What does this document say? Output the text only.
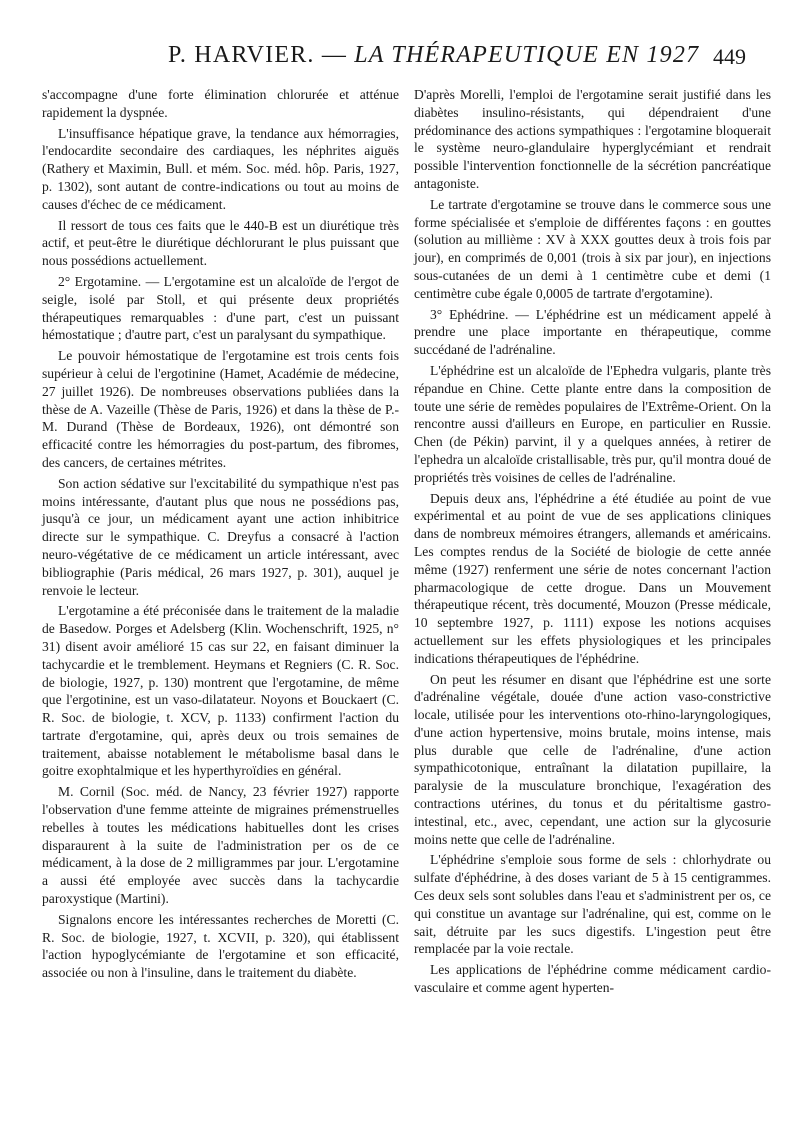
P. HARVIER. — LA THÉRAPEUTIQUE EN 1927 449

s'accompagne d'une forte élimination chlorurée et atténue rapidement la dyspnée.

L'insuffisance hépatique grave, la tendance aux hémorragies, l'endocardite secondaire des cardiaques, les néphrites aiguës (Rathery et Maximin, Bull. et mém. Soc. méd. hôp. Paris, 1927, p. 1302), sont autant de contre-indications ou tout au moins de causes d'échec de ce médicament.

Il ressort de tous ces faits que le 440-B est un diurétique très actif, et peut-être le diurétique déchlorurant le plus puissant que nous possédions actuellement.

2° Ergotamine. — L'ergotamine est un alcaloïde de l'ergot de seigle, isolé par Stoll, et qui présente deux propriétés thérapeutiques remarquables : d'une part, c'est un puissant hémostatique ; d'autre part, c'est un paralysant du sympathique.

Le pouvoir hémostatique de l'ergotamine est trois cents fois supérieur à celui de l'ergotinine (Hamet, Académie de médecine, 27 juillet 1926). De nombreuses observations publiées dans la thèse de A. Vazeille (Thèse de Paris, 1926) et dans la thèse de P.-M. Durand (Thèse de Bordeaux, 1926), ont démontré son efficacité contre les hémorragies du post-partum, des fibromes, des cancers, de certaines métrites.

Son action sédative sur l'excitabilité du sympathique n'est pas moins intéressante, d'autant plus que nous ne possédions pas, jusqu'à ce jour, un médicament ayant une action inhibitrice directe sur le sympathique. C. Dreyfus a consacré à l'action neuro-végétative de ce médicament un article intéressant, avec bibliographie (Paris médical, 26 mars 1927, p. 301), auquel je renvoie le lecteur.

L'ergotamine a été préconisée dans le traitement de la maladie de Basedow. Porges et Adelsberg (Klin. Wochenschrift, 1925, n° 31) disent avoir amélioré 15 cas sur 22, en faisant diminuer la tachycardie et le tremblement. Heymans et Regniers (C. R. Soc. de biologie, 1927, p. 130) montrent que l'ergotamine, de même que l'ergotinine, est un vaso-dilatateur. Noyons et Bouckaert (C. R. Soc. de biologie, t. XCV, p. 1133) confirment l'action du tartrate d'ergotamine, qui, après deux ou trois semaines de traitement, abaisse notablement le métabolisme basal dans le goitre exophtalmique et les hyperthyroïdies en général.

M. Cornil (Soc. méd. de Nancy, 23 février 1927) rapporte l'observation d'une femme atteinte de migraines prémenstruelles rebelles à toutes les médications habituelles dont les crises disparaurent à la suite de l'administration per os de ce médicament, à la dose de 2 milligrammes par jour. L'ergotamine a aussi été employée avec succès dans la tachycardie paroxystique (Martini).

Signalons encore les intéressantes recherches de Moretti (C. R. Soc. de biologie, 1927, t. XCVII, p. 320), qui établissent l'action hypoglycémiante de l'ergotamine et son efficacité, associée ou non à l'insuline, dans le traitement du diabète.

D'après Morelli, l'emploi de l'ergotamine serait justifié dans les diabètes insulino-résistants, qui dépendraient d'une prédominance des actions sympathiques : l'ergotamine bloquerait le système neuro-glandulaire hyperglycémiant et rendrait possible l'intervention fonctionnelle de la sécrétion pancréatique antagoniste.

Le tartrate d'ergotamine se trouve dans le commerce sous une forme spécialisée et s'emploie de différentes façons : en gouttes (solution au millième : XV à XXX gouttes deux à trois fois par jour), en comprimés de 0,001 (trois à six par jour), en injections sous-cutanées de un demi à 1 centimètre cube et demi (1 centimètre cube égale 0,0005 de tartrate d'ergotamine).

3° Ephédrine. — L'éphédrine est un médicament appelé à prendre une place importante en thérapeutique, comme succédané de l'adrénaline.

L'éphédrine est un alcaloïde de l'Ephedra vulgaris, plante très répandue en Chine. Cette plante entre dans la composition de toute une série de remèdes populaires de l'Extrême-Orient. On la rencontre aussi d'ailleurs en Europe, en particulier en Russie. Chen (de Pékin) parvint, il y a quelques années, à retirer de l'ephedra un alcaloïde cristallisable, très pur, qu'il montra doué de propriétés très voisines de celles de l'adrénaline.

Depuis deux ans, l'éphédrine a été étudiée au point de vue expérimental et au point de vue de ses applications cliniques dans de nombreux mémoires étrangers, allemands et américains. Les comptes rendus de la Société de biologie de cette année même (1927) renferment une série de notes concernant l'action pharmacologique de cette drogue. Dans un Mouvement thérapeutique récent, très documenté, Mouzon (Presse médicale, 10 septembre 1927, p. 1111) expose les notions acquises actuellement sur les effets physiologiques et les principales indications thérapeutiques de l'éphédrine.

On peut les résumer en disant que l'éphédrine est une sorte d'adrénaline végétale, douée d'une action vaso-constrictive locale, utilisée pour les interventions oto-rhino-laryngologiques, d'une action hypertensive, moins brutale, moins intense, mais plus durable que celle de l'adrénaline, d'une action sympathicotonique, entraînant la dilatation pupillaire, la paralysie de la musculature bronchique, l'exagération des contractions utérines, du tonus et du péritaltisme gastro-intestinal, etc., avec, cependant, une action sur la glycosurie moins nette que celle de l'adrénaline.

L'éphédrine s'emploie sous forme de sels : chlorhydrate ou sulfate d'éphédrine, à des doses variant de 5 à 15 centigrammes. Ces deux sels sont solubles dans l'eau et s'administrent per os, ce qui constitue un avantage sur l'adrénaline, qui est, comme on le sait, détruite par les sucs digestifs. L'ingestion peut être remplacée par la voie rectale.

Les applications de l'éphédrine comme médicament cardio-vasculaire et comme agent hyperten-
